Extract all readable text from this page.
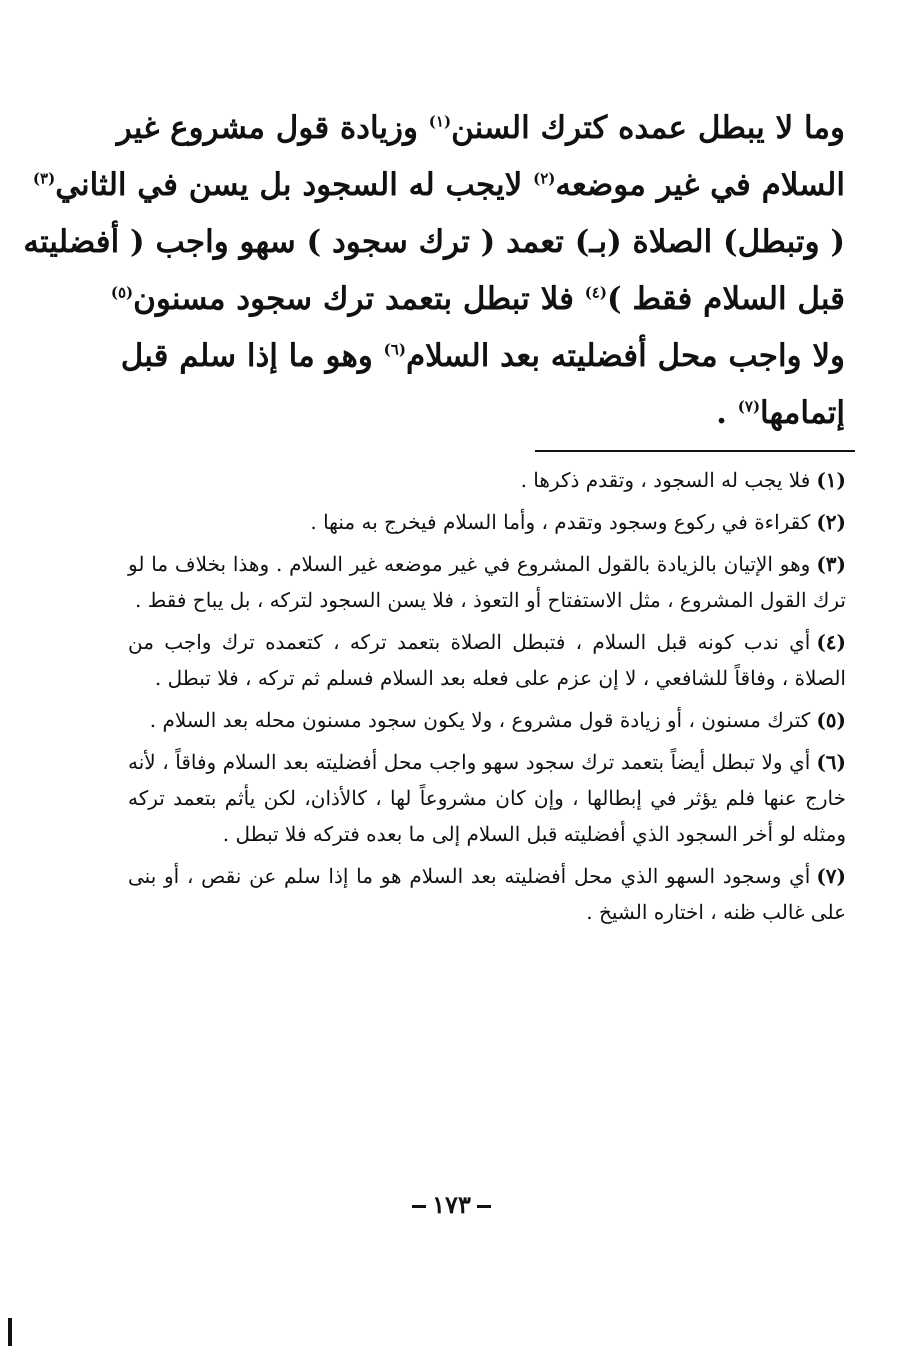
وما لا يبطل عمده كترك السنن$^{(١)}$ وزيادة قول مشروع غير
السلام في غير موضعه$^{(٢)}$ لايجب له السجود بل يسن في الثاني$^{(٣)}$
( وتبطل) الصلاة (بـ) تعمد ( ترك سجود ) سهو واجب ( أفضليته
قبل السلام فقط )$^{(٤)}$ فلا تبطل بتعمد ترك سجود مسنون$^{(٥)}$
ولا واجب محل أفضليته بعد السلام$^{(٦)}$ وهو ما إذا سلم قبل
إتمامها$^{(٧)}$ .

(١)فلا يجب له السجود ، وتقدم ذكرها .

(٢)كقراءة في ركوع وسجود وتقدم ، وأما السلام فيخرج به منها .

(٣)وهو الإتيان بالزيادة بالقول المشروع في غير موضعه غير السلام . وهذا بخلاف ما لو ترك القول المشروع ، مثل الاستفتاح أو التعوذ ، فلا يسن السجود لتركه ، بل يباح فقط .

(٤)أي ندب كونه قبل السلام ، فتبطل الصلاة بتعمد تركه ، كتعمده ترك واجب من الصلاة ، وفاقاً للشافعي ، لا إن عزم على فعله بعد السلام فسلم ثم تركه ، فلا تبطل .

(٥)كترك مسنون ، أو زيادة قول مشروع ، ولا يكون سجود مسنون محله بعد السلام .

(٦)أي ولا تبطل أيضاً بتعمد ترك سجود سهو واجب محل أفضليته بعد السلام وفاقاً ، لأنه خارج عنها فلم يؤثر في إبطالها ، وإن كان مشروعاً لها ، كالأذان، لكن يأثم بتعمد تركه ومثله لو أخر السجود الذي أفضليته قبل السلام إلى ما بعده فتركه فلا تبطل .

(٧)أي وسجود السهو الذي محل أفضليته بعد السلام هو ما إذا سلم عن نقص ، أو بنى على غالب ظنه ، اختاره الشيخ .

١٧٣
